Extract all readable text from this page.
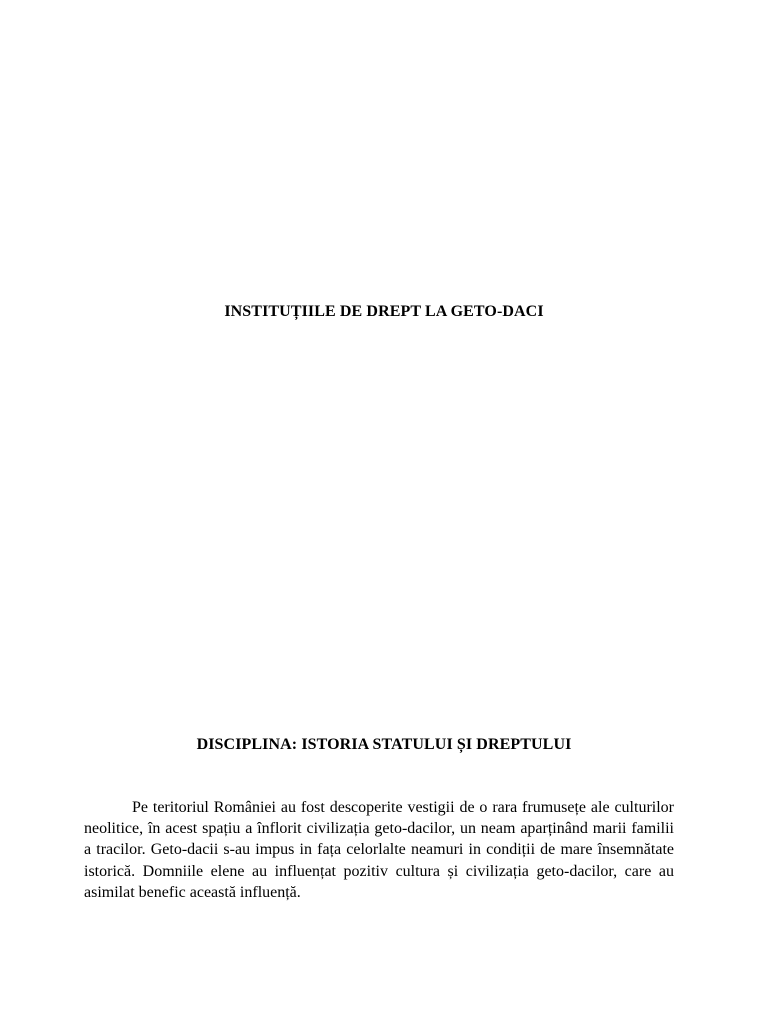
INSTITUȚIILE DE DREPT LA GETO-DACI
DISCIPLINA: ISTORIA STATULUI ȘI DREPTULUI

Pe teritoriul României au fost descoperite vestigii de o rara frumusețe ale culturilor neolitice, în acest spațiu a înflorit civilizația geto-dacilor, un neam aparținând marii familii a tracilor. Geto-dacii s-au impus in fața celorlalte neamuri in condiții de mare însemnătate istorică. Domniile elene au influențat pozitiv cultura și civilizația geto-dacilor, care au asimilat benefic această influență.
